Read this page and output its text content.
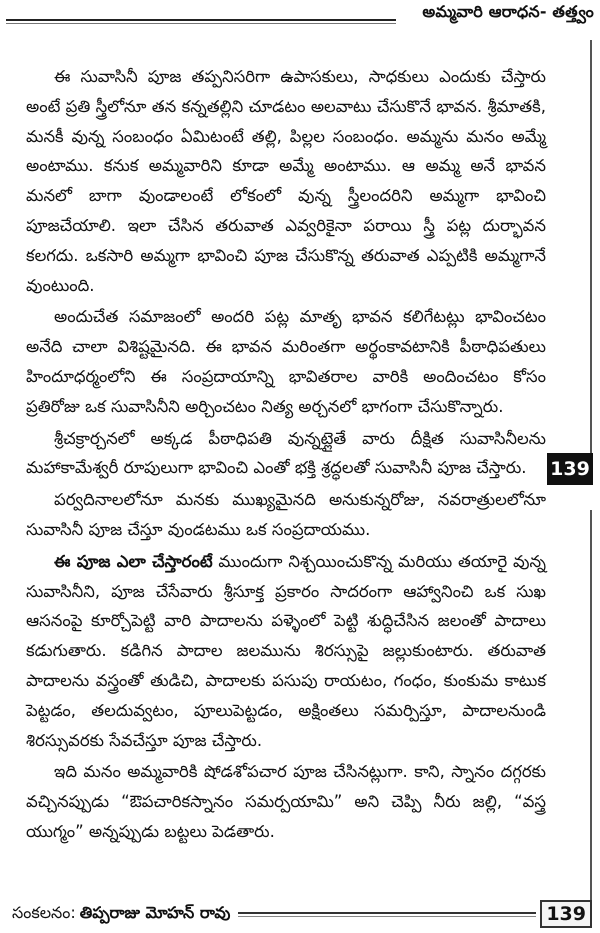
అమ్మవారి ఆరాధన- తత్త్వం
139

ఈ సువాసినీ పూజ తప్పనిసరిగా ఉపాసకులు, సాధకులు ఎందుకు చేస్తారు అంటే ప్రతి స్త్రీలోనూ తన కన్నతల్లిని చూడటం అలవాటు చేసుకొనే భావన. శ్రీమాతకి, మనకీ వున్న సంబంధం ఏమిటంటే తల్లి, పిల్లల సంబంధం. అమ్మను మనం అమ్మే అంటాము. కనుక అమ్మవారిని కూడా అమ్మే అంటాము. ఆ అమ్మ అనే భావన మనలో బాగా వుండాలంటే లోకంలో వున్న స్త్రీలందరిని అమ్మగా భావించి పూజచేయాలి. ఇలా చేసిన తరువాత ఎవ్వరికైనా పరాయి స్త్రీ పట్ల దుర్భావన కలగదు. ఒకసారి అమ్మగా భావించి పూజ చేసుకొన్న తరువాత ఎప్పటికి అమ్మగానే వుంటుంది.

అందుచేత సమాజంలో అందరి పట్ల మాతృ భావన కలిగేటట్లు భావించటం అనేది చాలా విశిష్టమైనది. ఈ భావన మరింతగా అర్థంకావటానికి పీఠాధిపతులు హిందూధర్మంలోని ఈ సంప్రదాయాన్ని భావితరాల వారికి అందించటం కోసం ప్రతిరోజు ఒక సువాసినీని అర్చించటం నిత్య అర్చనలో భాగంగా చేసుకొన్నారు.

శ్రీచక్రార్చనలో అక్కడ పీఠాధిపతి వున్నట్లైతే వారు దీక్షిత సువాసినీలను మహాకామేశ్వరీ రూపులుగా భావించి ఎంతో భక్తి శ్రద్ధలతో సువాసినీ పూజ చేస్తారు.

పర్వదినాలలోనూ మనకు ముఖ్యమైనది అనుకున్నరోజు, నవరాత్రులలోనూ సువాసినీ పూజ చేస్తూ వుండటము ఒక సంప్రదాయము.

ఈ పూజ ఎలా చేస్తారంటే ముందుగా నిశ్చయించుకొన్న మరియు తయారై వున్న సువాసినీని, పూజ చేసేవారు శ్రీసూక్త ప్రకారం సాదరంగా ఆహ్వానించి ఒక సుఖ ఆసనంపై కూర్చోపెట్టి వారి పాదాలను పళ్ళెంలో పెట్టి శుద్ధిచేసిన జలంతో పాదాలు కడుగుతారు. కడిగిన పాదాల జలమును శిరస్సుపై జల్లుకుంటారు. తరువాత పాదాలను వస్త్రంతో తుడిచి, పాదాలకు పసుపు రాయటం, గంధం, కుంకుమ కాటుక పెట్టడం, తలదువ్వటం, పూలుపెట్టడం, అక్షింతలు సమర్పిస్తూ, పాదాలనుండి శిరస్సువరకు సేవచేస్తూ పూజ చేస్తారు.

ఇది మనం అమ్మవారికి షోడశోపచార పూజ చేసినట్లుగా. కాని, స్నానం దగ్గరకు వచ్చినప్పుడు “ఔపచారికస్నానం సమర్పయామి” అని చెప్పి నీరు జల్లి, “వస్త్ర యుగ్మం” అన్నప్పుడు బట్టలు పెడతారు.

సంకలనం: తిప్పరాజు మోహన్ రావు	139
